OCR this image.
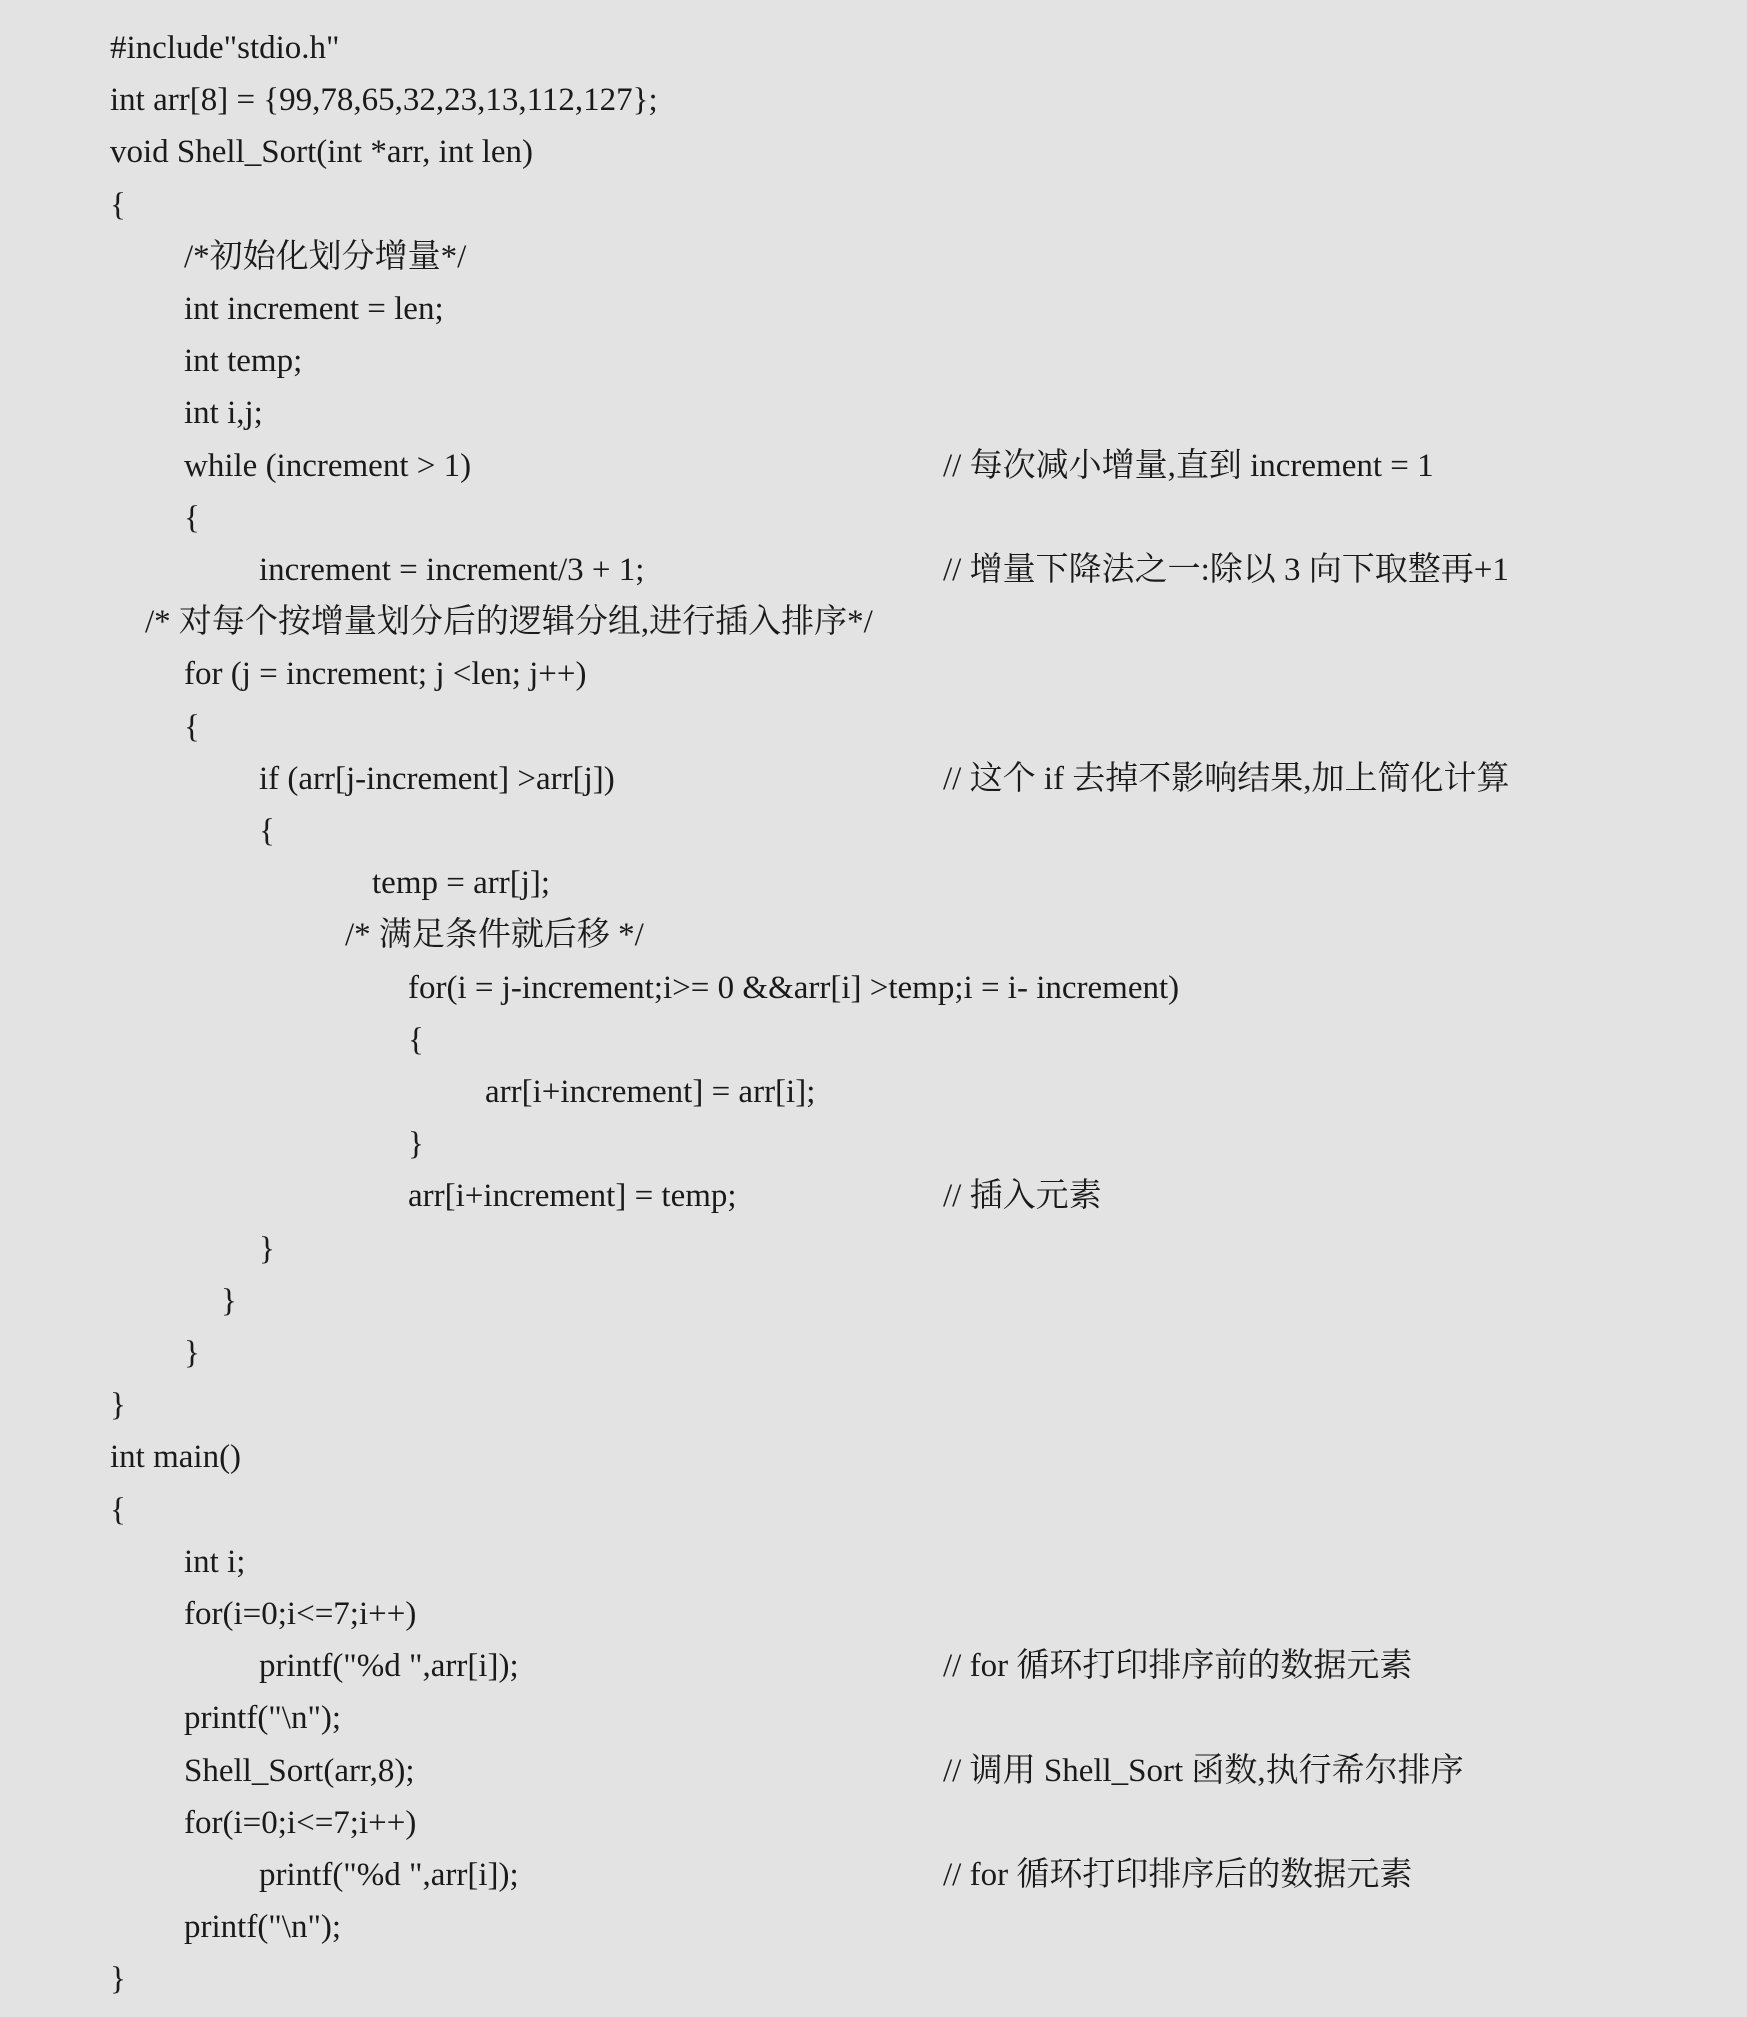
#include"stdio.h"
int arr[8] = {99,78,65,32,23,13,112,127};
void Shell_Sort(int *arr, int len)
{
/*初始化划分增量*/
int increment = len;
int temp;
int i,j;
while (increment > 1)	// 每次减小增量,直到 increment = 1
{
increment = increment/3 + 1;	// 增量下降法之一:除以 3 向下取整再+1
/* 对每个按增量划分后的逻辑分组,进行插入排序*/
for (j = increment; j <len; j++)
{
if (arr[j-increment] >arr[j])	// 这个 if 去掉不影响结果,加上简化计算
{
temp = arr[j];
/* 满足条件就后移 */
for(i = j-increment;i>= 0 &&arr[i] >temp;i = i- increment)
{
arr[i+increment] = arr[i];
}
arr[i+increment] = temp;	// 插入元素
}
}
}
}
int main()
{
int i;
for(i=0;i<=7;i++)
printf("%d ",arr[i]);	// for 循环打印排序前的数据元素
printf("\n");
Shell_Sort(arr,8);	// 调用 Shell_Sort 函数,执行希尔排序
for(i=0;i<=7;i++)
printf("%d ",arr[i]);	// for 循环打印排序后的数据元素
printf("\n");
}
